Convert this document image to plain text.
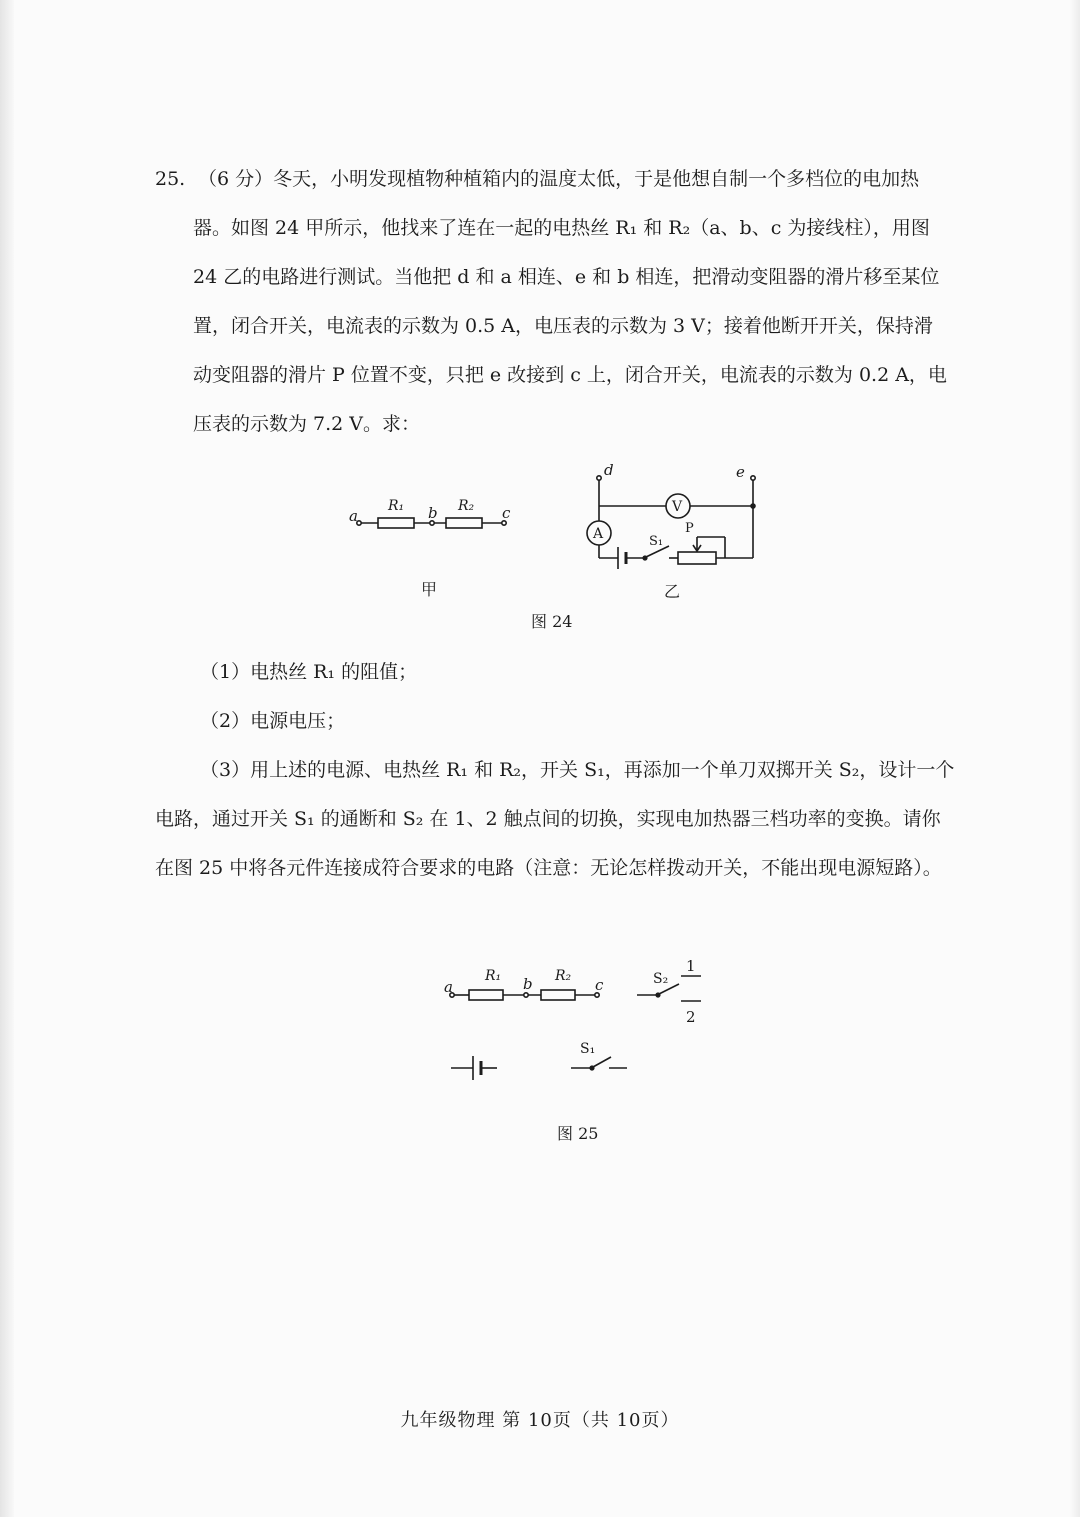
25. （6 分）冬天，小明发现植物种植箱内的温度太低，于是他想自制一个多档位的电加热
器。如图 24 甲所示，他找来了连在一起的电热丝 R₁ 和 R₂（a、b、c 为接线柱），用图
24 乙的电路进行测试。当他把 d 和 a 相连、e 和 b 相连，把滑动变阻器的滑片移至某位
置，闭合开关，电流表的示数为 0.5 A，电压表的示数为 3 V；接着他断开开关，保持滑
动变阻器的滑片 P 位置不变，只把 e 改接到 c 上，闭合开关，电流表的示数为 0.2 A，电
压表的示数为 7.2 V。求：
a	b	c
R₁	R₂
甲
d	e
V
A	S₁
P
乙
图 24
（1）电热丝 R₁ 的阻值；
（2）电源电压；
（3）用上述的电源、电热丝 R₁ 和 R₂，开关 S₁，再添加一个单刀双掷开关 S₂，设计一个
电路，通过开关 S₁ 的通断和 S₂ 在 1、2 触点间的切换，实现电加热器三档功率的变换。请你
在图 25 中将各元件连接成符合要求的电路（注意：无论怎样拨动开关，不能出现电源短路）。
a	b	c
R₁	R₂	S₂
1
2
S₁
图 25
九年级物理 第 10页（共 10页）
